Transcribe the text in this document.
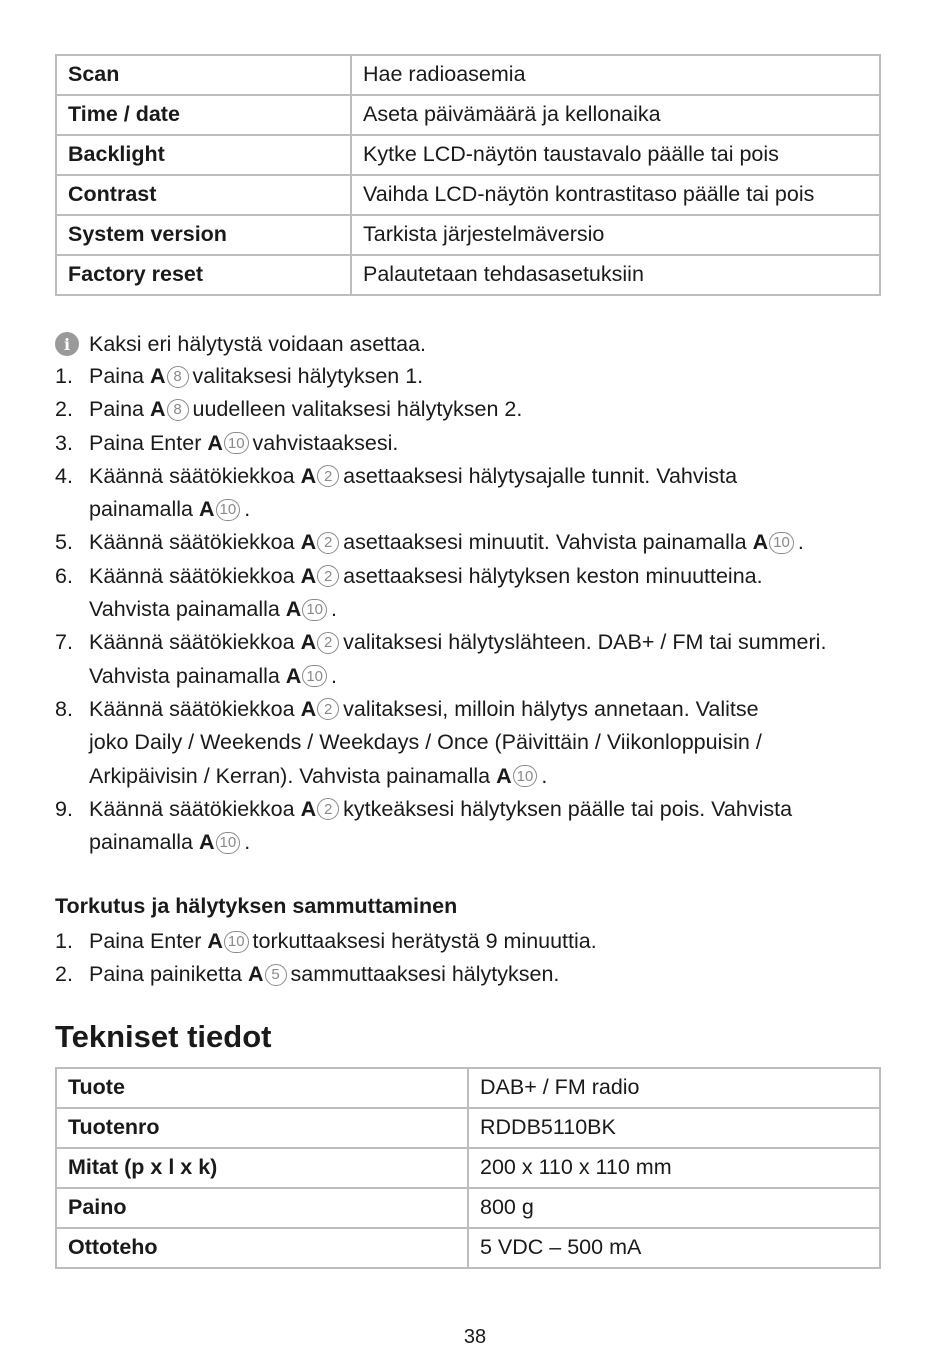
Scan	Hae radioasemia
Time / date	Aseta päivämäärä ja kellonaika
Backlight	Kytke LCD-näytön taustavalo päälle tai pois
Contrast	Vaihda LCD-näytön kontrastitaso päälle tai pois
System version	Tarkista järjestelmäversio
Factory reset	Palautetaan tehdasasetuksiin
i Kaksi eri hälytystä voidaan asettaa.
1. Paina A 8 valitaksesi hälytyksen 1.
2. Paina A 8 uudelleen valitaksesi hälytyksen 2.
3. Paina Enter A 10 vahvistaaksesi.
4. Käännä säätökiekkoa A 2 asettaaksesi hälytysajalle tunnit. Vahvista
painamalla A 10 .
5. Käännä säätökiekkoa A 2 asettaaksesi minuutit. Vahvista painamalla A 10 .
6. Käännä säätökiekkoa A 2 asettaaksesi hälytyksen keston minuutteina.
Vahvista painamalla A 10 .
7. Käännä säätökiekkoa A 2 valitaksesi hälytyslähteen. DAB+ / FM tai summeri.
Vahvista painamalla A 10 .
8. Käännä säätökiekkoa A 2 valitaksesi, milloin hälytys annetaan. Valitse
joko Daily / Weekends / Weekdays / Once (Päivittäin / Viikonloppuisin /
Arkipäivisin / Kerran). Vahvista painamalla A 10 .
9. Käännä säätökiekkoa A 2 kytkeäksesi hälytyksen päälle tai pois. Vahvista
painamalla A 10 .
Torkutus ja hälytyksen sammuttaminen
1. Paina Enter A 10 torkuttaaksesi herätystä 9 minuuttia.
2. Paina painiketta A 5 sammuttaaksesi hälytyksen.
Tekniset tiedot
Tuote	DAB+ / FM radio
Tuotenro	RDDB5110BK
Mitat (p x l x k)	200 x 110 x 110 mm
Paino	800 g
Ottoteho	5 VDC – 500 mA
38
